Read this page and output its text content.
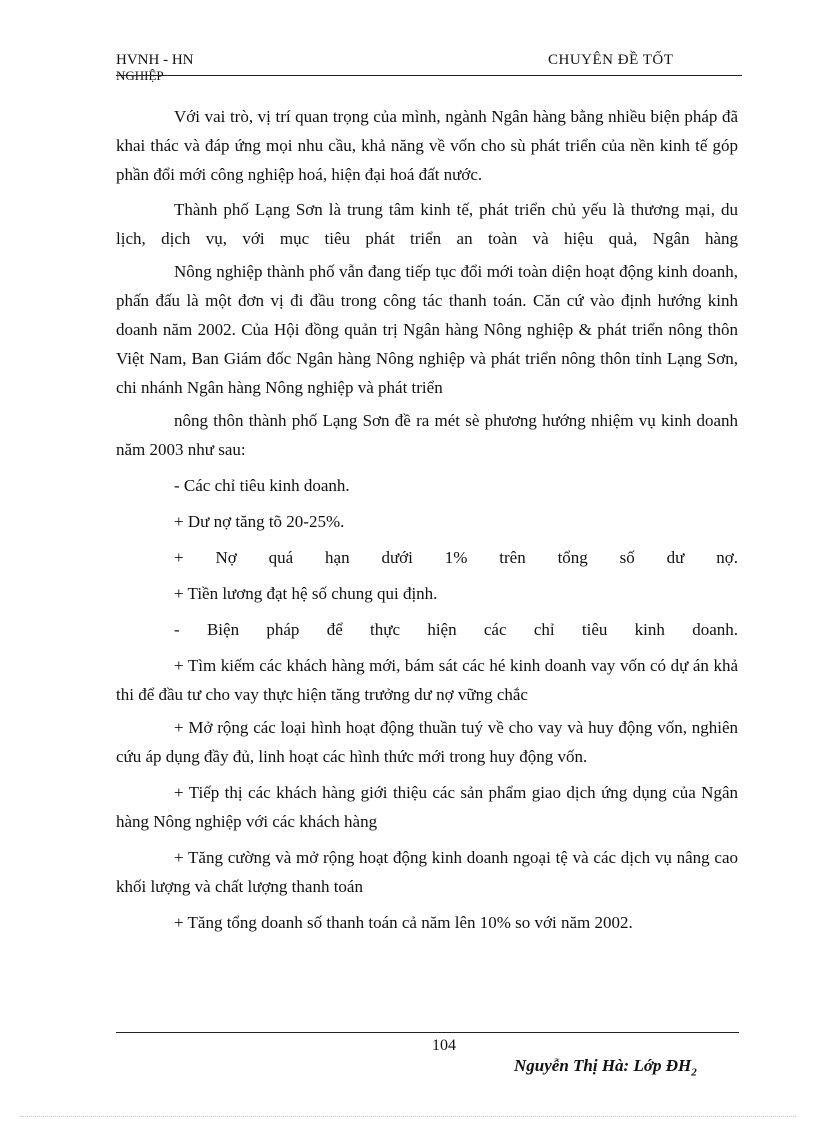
HVNH - HN
NGHIỆP
CHUYÊN ĐỀ TỐT

Với vai trò, vị trí quan trọng của mình, ngành Ngân hàng bằng nhiều biện pháp đã khai thác và đáp ứng mọi nhu cầu, khả năng về vốn cho sù phát triển của nền kinh tế góp phần đổi mới công nghiệp hoá, hiện đại hoá đất nước.

Thành phố Lạng Sơn là trung tâm kinh tế, phát triển chủ yếu là thương mại, du lịch, dịch vụ, với mục tiêu phát triển an toàn và hiệu quả, Ngân hàng

Nông nghiệp thành phố vẫn đang tiếp tục đổi mới toàn diện hoạt động kinh doanh, phấn đấu là một đơn vị đi đầu trong công tác thanh toán. Căn cứ vào định hướng kinh doanh năm 2002. Của Hội đồng quản trị Ngân hàng Nông nghiệp & phát triển nông thôn Việt Nam, Ban Giám đốc Ngân hàng Nông nghiệp và phát triển nông thôn tỉnh Lạng Sơn, chi nhánh Ngân hàng Nông nghiệp và phát triển

nông thôn thành phố Lạng Sơn đề ra mét sè phương hướng nhiệm vụ kinh doanh năm 2003 như sau:

- Các chỉ tiêu kinh doanh.

+ Dư nợ tăng tõ 20-25%.

+ Nợ quá hạn dưới 1% trên tổng số dư nợ.

+ Tiền lương đạt hệ số chung qui định.

- Biện pháp để thực hiện các chỉ tiêu kinh doanh.

+ Tìm kiếm các khách hàng mới, bám sát các hé kinh doanh vay vốn có dự án khả thi để đầu tư cho vay thực hiện tăng trưởng dư nợ vững chắc

+ Mở rộng các loại hình hoạt động thuần tuý về cho vay và huy động vốn, nghiên cứu áp dụng đầy đủ, linh hoạt các hình thức mới trong huy động vốn.

+ Tiếp thị các khách hàng giới thiệu các sản phẩm giao dịch ứng dụng của Ngân hàng Nông nghiệp với các khách hàng

+ Tăng cường và mở rộng hoạt động kinh doanh ngoại tệ và các dịch vụ nâng cao khối lượng và chất lượng thanh toán

+ Tăng tổng doanh số thanh toán cả năm lên 10% so với năm 2002.

104
Nguyễn Thị Hà: Lớp $ĐH_2$
